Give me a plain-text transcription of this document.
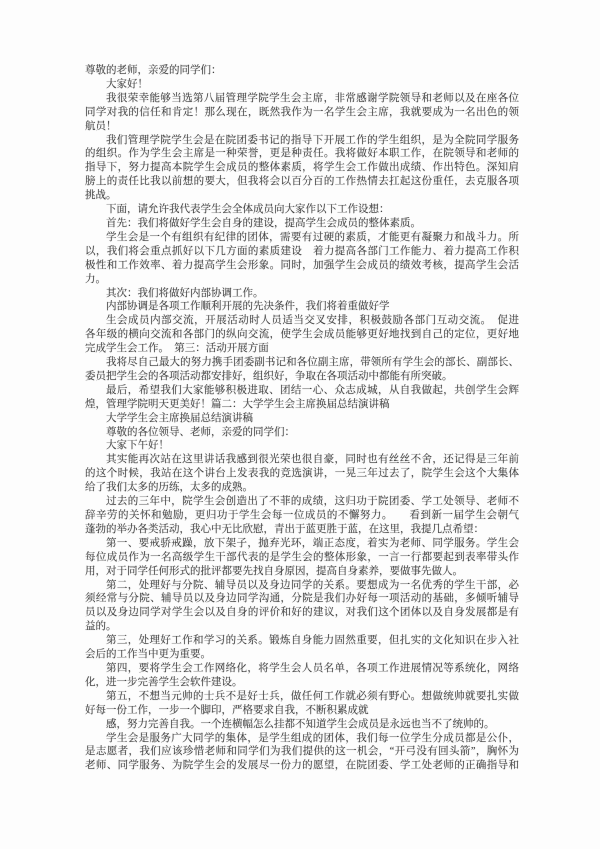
尊敬的老师，亲爱的同学们：
大家好！
我很荣幸能够当选第八届管理学院学生会主席，非常感谢学院领导和老师以及在座各位
同学对我的信任和肯定！那么现在，既然我作为一名学生会主席，我就要成为一名出色的领
航员！
我们管理学院学生会是在院团委书记的指导下开展工作的学生组织，是为全院同学服务
的组织。作为学生会主席是一种荣誉，更是种责任。我将做好本职工作，在院领导和老师的
指导下，努力提高本院学生会成员的整体素质，将学生会工作做出成绩、作出特色。深知肩
膀上的责任比我以前想的要大，但我将会以百分百的工作热情去扛起这份重任，去克服各项
挑战。
下面，请允许我代表学生会全体成员向大家作以下工作设想：
首先：我们将做好学生会自身的建设，提高学生会成员的整体素质。
学生会是一个有组织有纪律的团体，需要有过硬的素质，才能更有凝聚力和战斗力。所
以，我们将会重点抓好以下几方面的素质建设　着力提高各部门工作能力、着力提高工作积
极性和工作效率、着力提高学生会形象。同时，加强学生会成员的绩效考核，提高学生会活
力。
其次：我们将做好内部协调工作。
内部协调是各项工作顺利开展的先决条件，我们将着重做好学
生会成员内部交流，开展活动时人员适当交叉安排，积极鼓励各部门互动交流。　促进
各年级的横向交流和各部门的纵向交流，使学生会成员能够更好地找到自己的定位，更好地
完成学生会工作。　第三：活动开展方面
我将尽自己最大的努力携手团委副书记和各位副主席，带领所有学生会的部长、副部长、
委员把学生会的各项活动都安排好，组织好，争取在各项活动中都能有所突破。
最后，希望我们大家能够积极进取、团结一心、众志成城，从自我做起，共创学生会辉
煌，管理学院明天更美好！篇二：大学学生会主席换届总结演讲稿
大学学生会主席换届总结演讲稿
尊敬的各位领导、老师，亲爱的同学们：
大家下午好！
其实能再次站在这里讲话我感到很光荣也很自豪，同时也有丝丝不舍，还记得是三年前
的这个时候，我站在这个讲台上发表我的竞选演讲，一晃三年过去了，院学生会这个大集体
给了我们太多的历练，太多的成熟。
过去的三年中，院学生会创造出了不菲的成绩，这归功于院团委、学工处领导、老师不
辞辛劳的关怀和勉励，更归功于学生会每一位成员的不懈努力。　　看到新一届学生会朝气
蓬勃的举办各类活动，我心中无比欣慰，青出于蓝更胜于蓝，在这里，我提几点希望：
第一、要戒骄戒躁，放下架子，抛弃光环，端正态度，着实为老师、同学服务。学生会
每位成员作为一名高级学生干部代表的是学生会的整体形象，一言一行都要起到表率带头作
用，对于同学任何形式的批评都要先找自身原因，提高自身素养，要做事先做人。
第二，处理好与分院、辅导员以及身边同学的关系。要想成为一名优秀的学生干部，必
须经常与分院、辅导员以及身边同学沟通，分院是我们办好每一项活动的基础，多倾听辅导
员以及身边同学对学生会以及自身的评价和好的建议，对我们这个团体以及自身发展都是有
益的。
第三，处理好工作和学习的关系。锻炼自身能力固然重要，但扎实的文化知识在步入社
会后的工作当中更为重要。
第四，要将学生会工作网络化，将学生会人员名单，各项工作进展情况等系统化，网络
化，进一步完善学生会软件建设。
第五，不想当元帅的士兵不是好士兵，做任何工作就必须有野心。想做统帅就要扎实做
好每一份工作，一步一个脚印，严格要求自我，不断积累成就
感，努力完善自我。一个连横幅怎么挂都不知道学生会成员是永远也当不了统帅的。
学生会是服务广大同学的集体，是学生组成的团体，我们每一位学生分成员都是公仆，
是志愿者，我们应该珍惜老师和同学们为我们提供的这一机会，“开弓没有回头箭”，胸怀为
老师、同学服务、为院学生会的发展尽一份力的愿望，在院团委、学工处老师的正确指导和
